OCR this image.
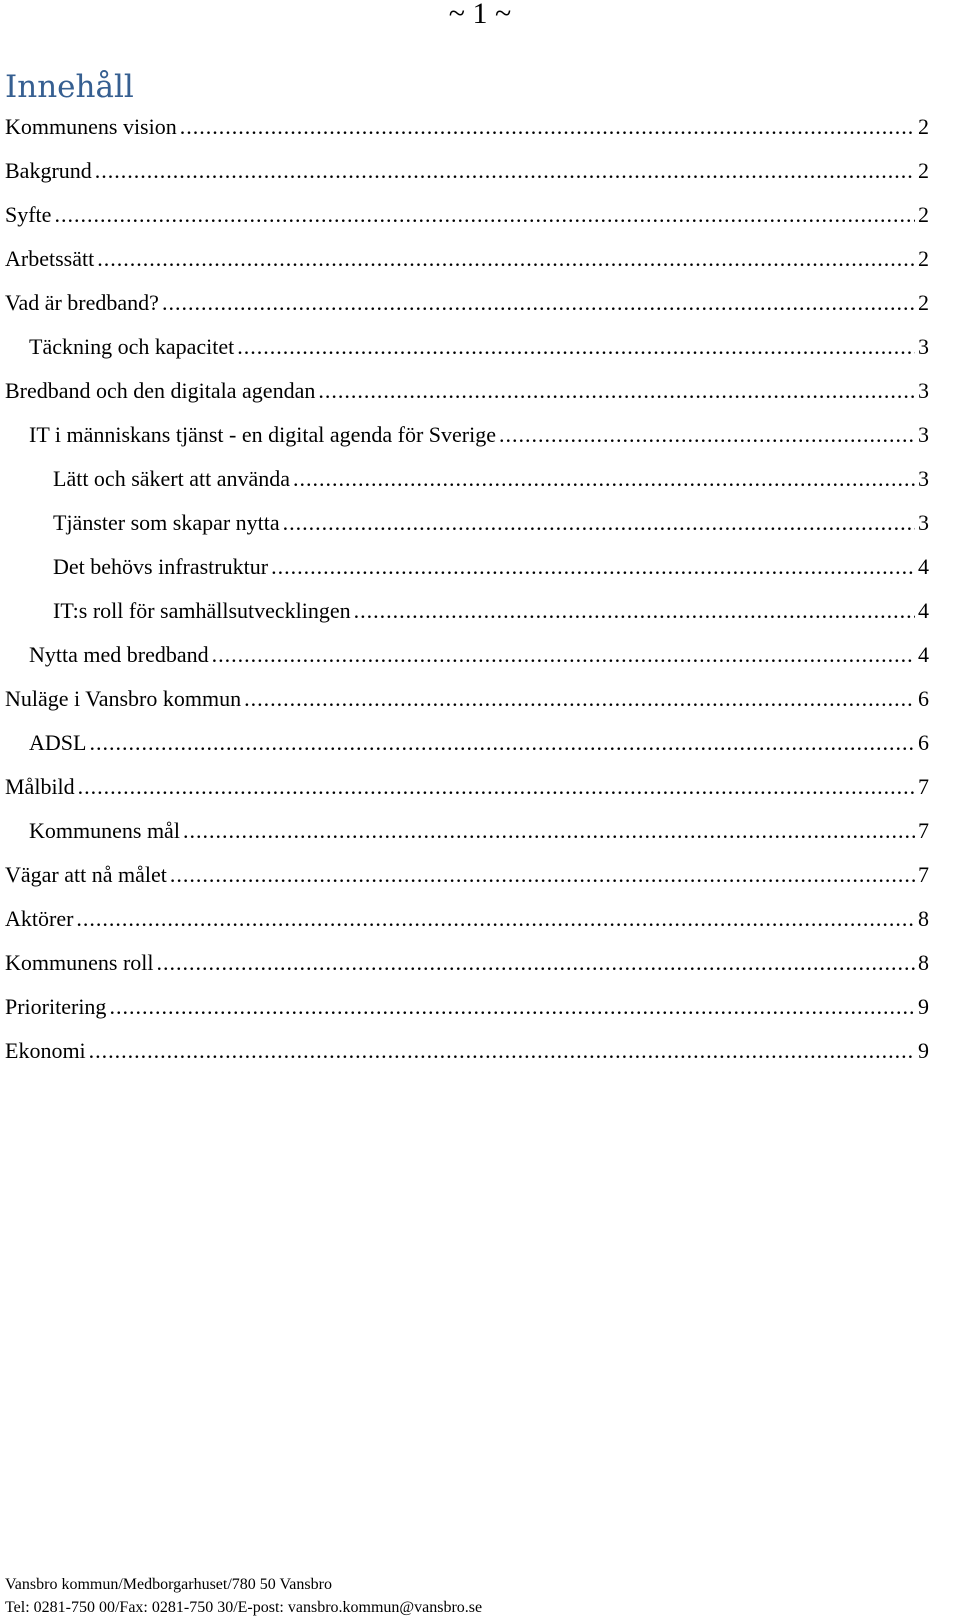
~ 1 ~
Innehåll
Kommunens vision .....	2
Bakgrund .....	2
Syfte .....	2
Arbetssätt .....	2
Vad är bredband? .....	2
Täckning och kapacitet .....	3
Bredband och den digitala agendan .....	3
IT i människans tjänst - en digital agenda för Sverige .....	3
Lätt och säkert att använda .....	3
Tjänster som skapar nytta .....	3
Det behövs infrastruktur .....	4
IT:s roll för samhällsutvecklingen .....	4
Nytta med bredband .....	4
Nuläge i Vansbro kommun .....	6
ADSL .....	6
Målbild .....	7
Kommunens mål .....	7
Vägar att nå målet .....	7
Aktörer .....	8
Kommunens roll .....	8
Prioritering .....	9
Ekonomi .....	9
Vansbro kommun/Medborgarhuset/780 50 Vansbro
Tel: 0281-750 00/Fax: 0281-750 30/E-post: vansbro.kommun@vansbro.se
